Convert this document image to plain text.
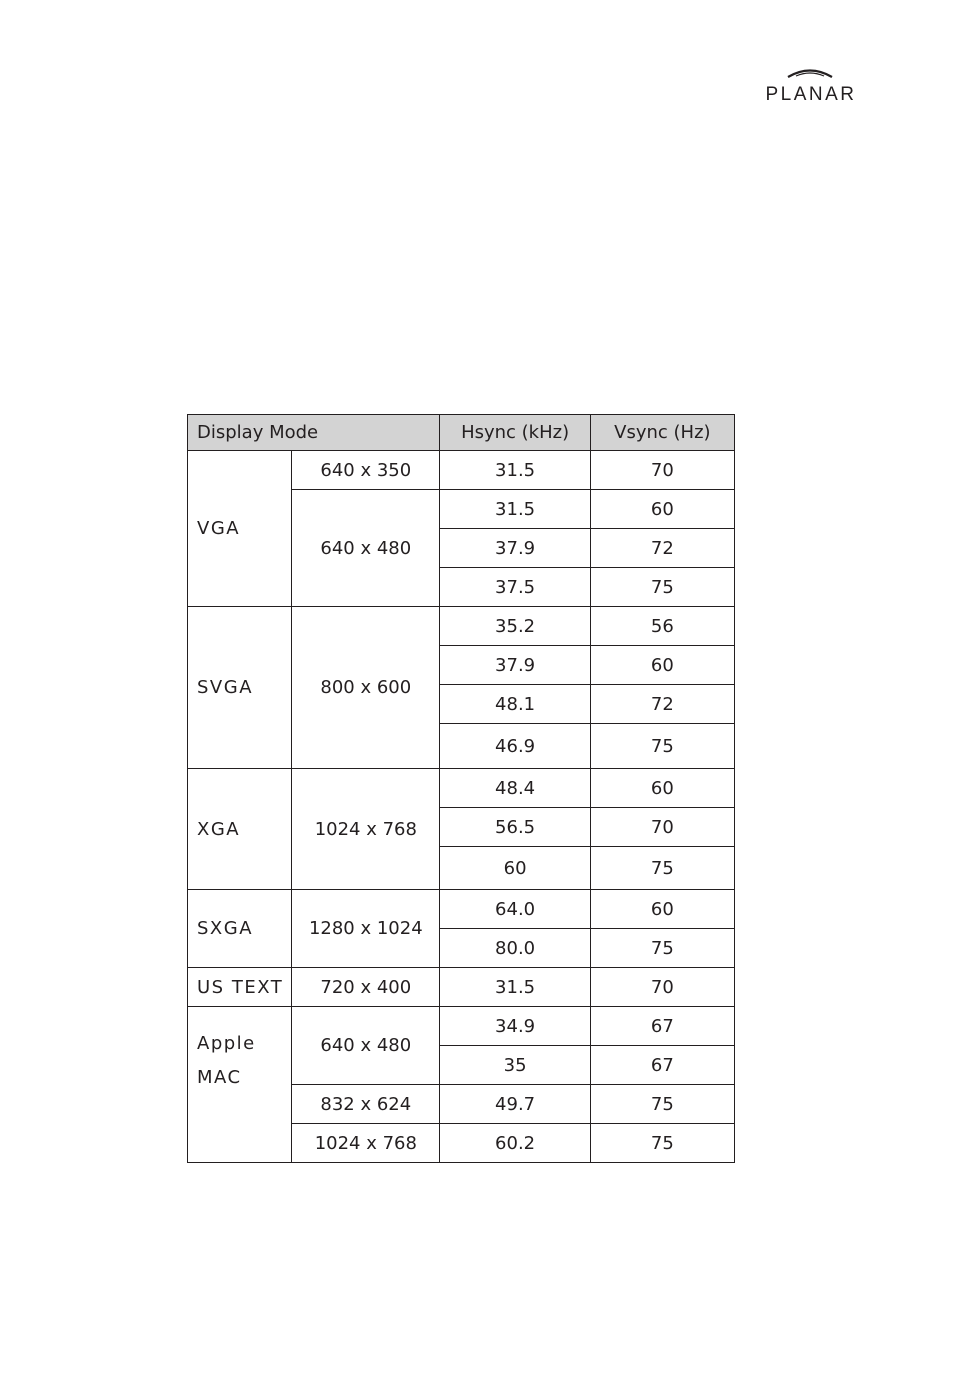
PLANAR
Display Mode		Hsync (kHz)	Vsync (Hz)
VGA	640 x 350	31.5	70
	640 x 480	31.5	60
		37.9	72
		37.5	75
SVGA	800 x 600	35.2	56
		37.9	60
		48.1	72
		46.9	75
XGA	1024 x 768	48.4	60
		56.5	70
		60	75
SXGA	1280 x 1024	64.0	60
		80.0	75
US TEXT	720 x 400	31.5	70
Apple
MAC	640 x 480	34.9	67
		35	67
	832 x 624	49.7	75
	1024 x 768	60.2	75
